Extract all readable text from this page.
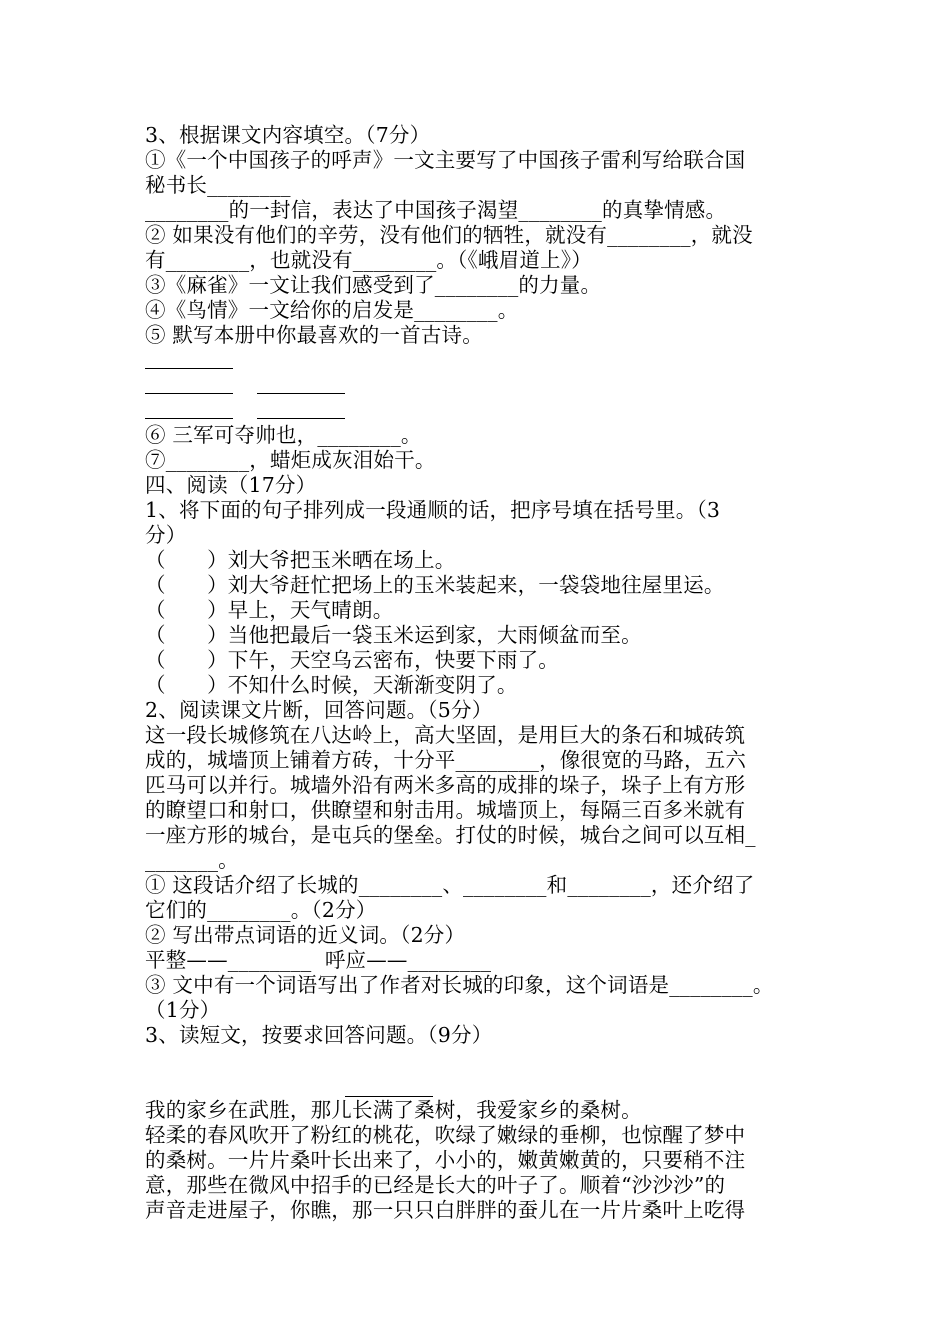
3、根据课文内容填空。（7分）
①《一个中国孩子的呼声》一文主要写了中国孩子雷利写给联合国
秘书长________
________的一封信，表达了中国孩子渴望________的真挚情感。
② 如果没有他们的辛劳，没有他们的牺牲，就没有________，就没
有________，也就没有________。（《峨眉道上》）
③《麻雀》一文让我们感受到了________的力量。
④《鸟情》一文给你的启发是________。
⑤ 默写本册中你最喜欢的一首古诗。
⑥ 三军可夺帅也，________。
⑦________，蜡炬成灰泪始干。
四、阅读（17分）
1、将下面的句子排列成一段通顺的话，把序号填在括号里。（3
分）
（　　）刘大爷把玉米晒在场上。
（　　）刘大爷赶忙把场上的玉米装起来，一袋袋地往屋里运。
（　　）早上，天气晴朗。
（　　）当他把最后一袋玉米运到家，大雨倾盆而至。
（　　）下午，天空乌云密布，快要下雨了。
（　　）不知什么时候，天渐渐变阴了。
2、阅读课文片断，回答问题。（5分）
这一段长城修筑在八达岭上，高大坚固，是用巨大的条石和城砖筑
成的，城墙顶上铺着方砖，十分平________，像很宽的马路，五六
匹马可以并行。城墙外沿有两米多高的成排的垛子，垛子上有方形
的瞭望口和射口，供瞭望和射击用。城墙顶上，每隔三百多米就有
一座方形的城台，是屯兵的堡垒。打仗的时候，城台之间可以互相_
_______。
① 这段话介绍了长城的________、________和________，还介绍了
它们的________。（2分）
② 写出带点词语的近义词。（2分）
平整——________  呼应——________
③ 文中有一个词语写出了作者对长城的印象，这个词语是________。
（1分）
3、读短文，按要求回答问题。（9分）
我的家乡在武胜，那儿长满了桑树，我爱家乡的桑树。
轻柔的春风吹开了粉红的桃花，吹绿了嫩绿的垂柳，也惊醒了梦中
的桑树。一片片桑叶长出来了，小小的，嫩黄嫩黄的，只要稍不注
意，那些在微风中招手的已经是长大的叶子了。顺着“沙沙沙”的
声音走进屋子，你瞧，那一只只白胖胖的蚕儿在一片片桑叶上吃得
